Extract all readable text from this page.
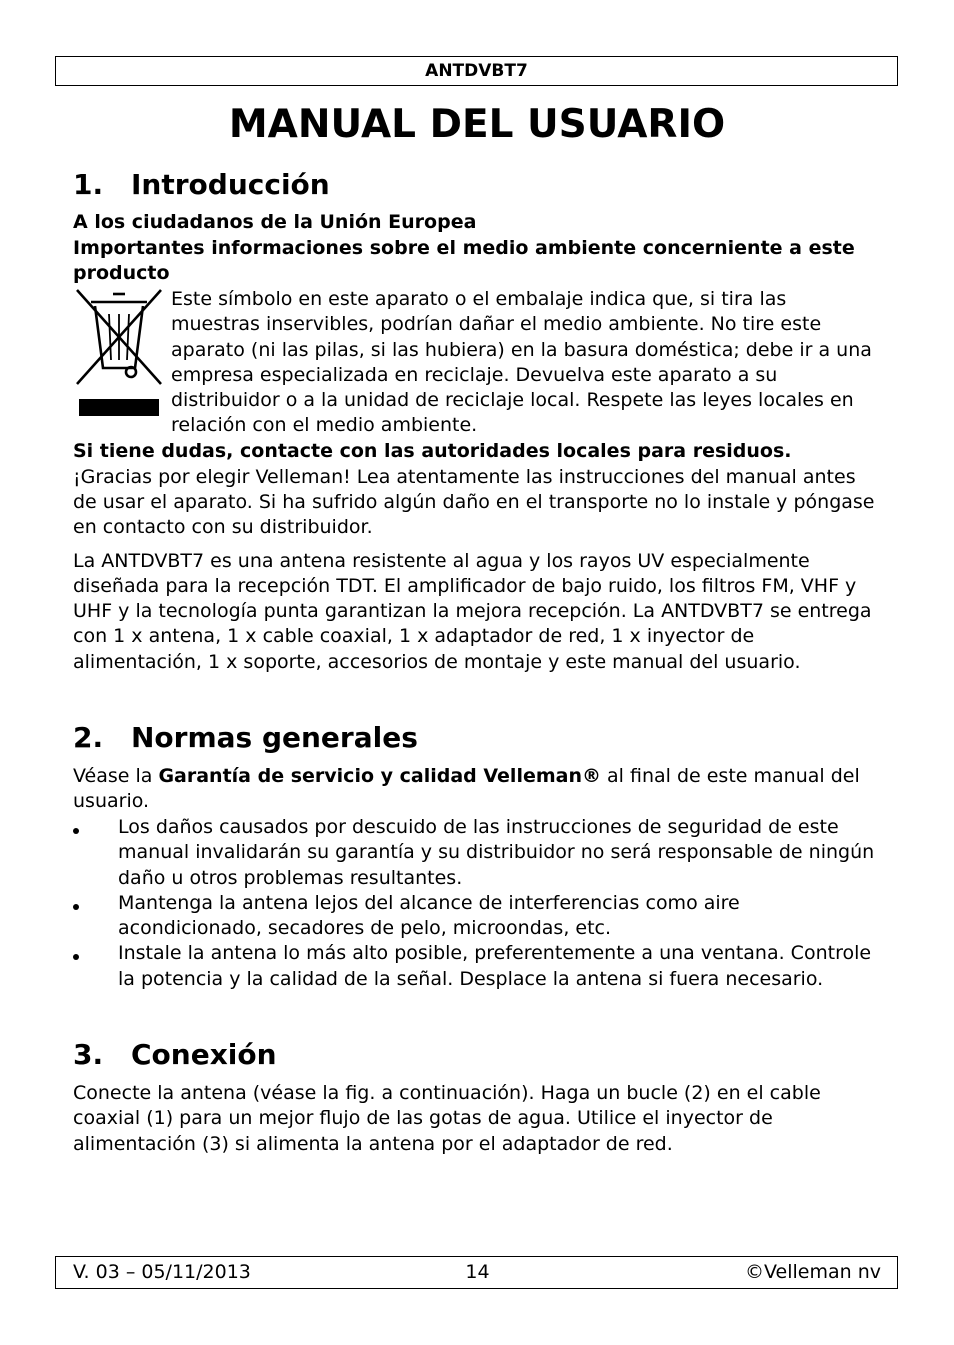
ANTDVBT7
MANUAL DEL USUARIO
1. Introducción

A los ciudadanos de la Unión Europea

Importantes informaciones sobre el medio ambiente concerniente a este producto

Este símbolo en este aparato o el embalaje indica que, si tira las muestras inservibles, podrían dañar el medio ambiente. No tire este aparato (ni las pilas, si las hubiera) en la basura doméstica; debe ir a una empresa especializada en reciclaje. Devuelva este aparato a su distribuidor o a la unidad de reciclaje local. Respete las leyes locales en relación con el medio ambiente.

Si tiene dudas, contacte con las autoridades locales para residuos.

¡Gracias por elegir Velleman! Lea atentamente las instrucciones del manual antes de usar el aparato. Si ha sufrido algún daño en el transporte no lo instale y póngase en contacto con su distribuidor.

La ANTDVBT7 es una antena resistente al agua y los rayos UV especialmente diseñada para la recepción TDT. El amplificador de bajo ruido, los filtros FM, VHF y UHF y la tecnología punta garantizan la mejora recepción. La ANTDVBT7 se entrega con 1 x antena, 1 x cable coaxial, 1 x adaptador de red, 1 x inyector de alimentación, 1 x soporte, accesorios de montaje y este manual del usuario.

2. Normas generales

Véase la Garantía de servicio y calidad Velleman® al final de este manual del usuario.

Los daños causados por descuido de las instrucciones de seguridad de este manual invalidarán su garantía y su distribuidor no será responsable de ningún daño u otros problemas resultantes.
Mantenga la antena lejos del alcance de interferencias como aire acondicionado, secadores de pelo, microondas, etc.
Instale la antena lo más alto posible, preferentemente a una ventana. Controle la potencia y la calidad de la señal. Desplace la antena si fuera necesario.
3. Conexión

Conecte la antena (véase la fig. a continuación). Haga un bucle (2) en el cable coaxial (1) para un mejor flujo de las gotas de agua. Utilice el inyector de alimentación (3) si alimenta la antena por el adaptador de red.

V. 03 – 05/11/2013	14	©Velleman nv
